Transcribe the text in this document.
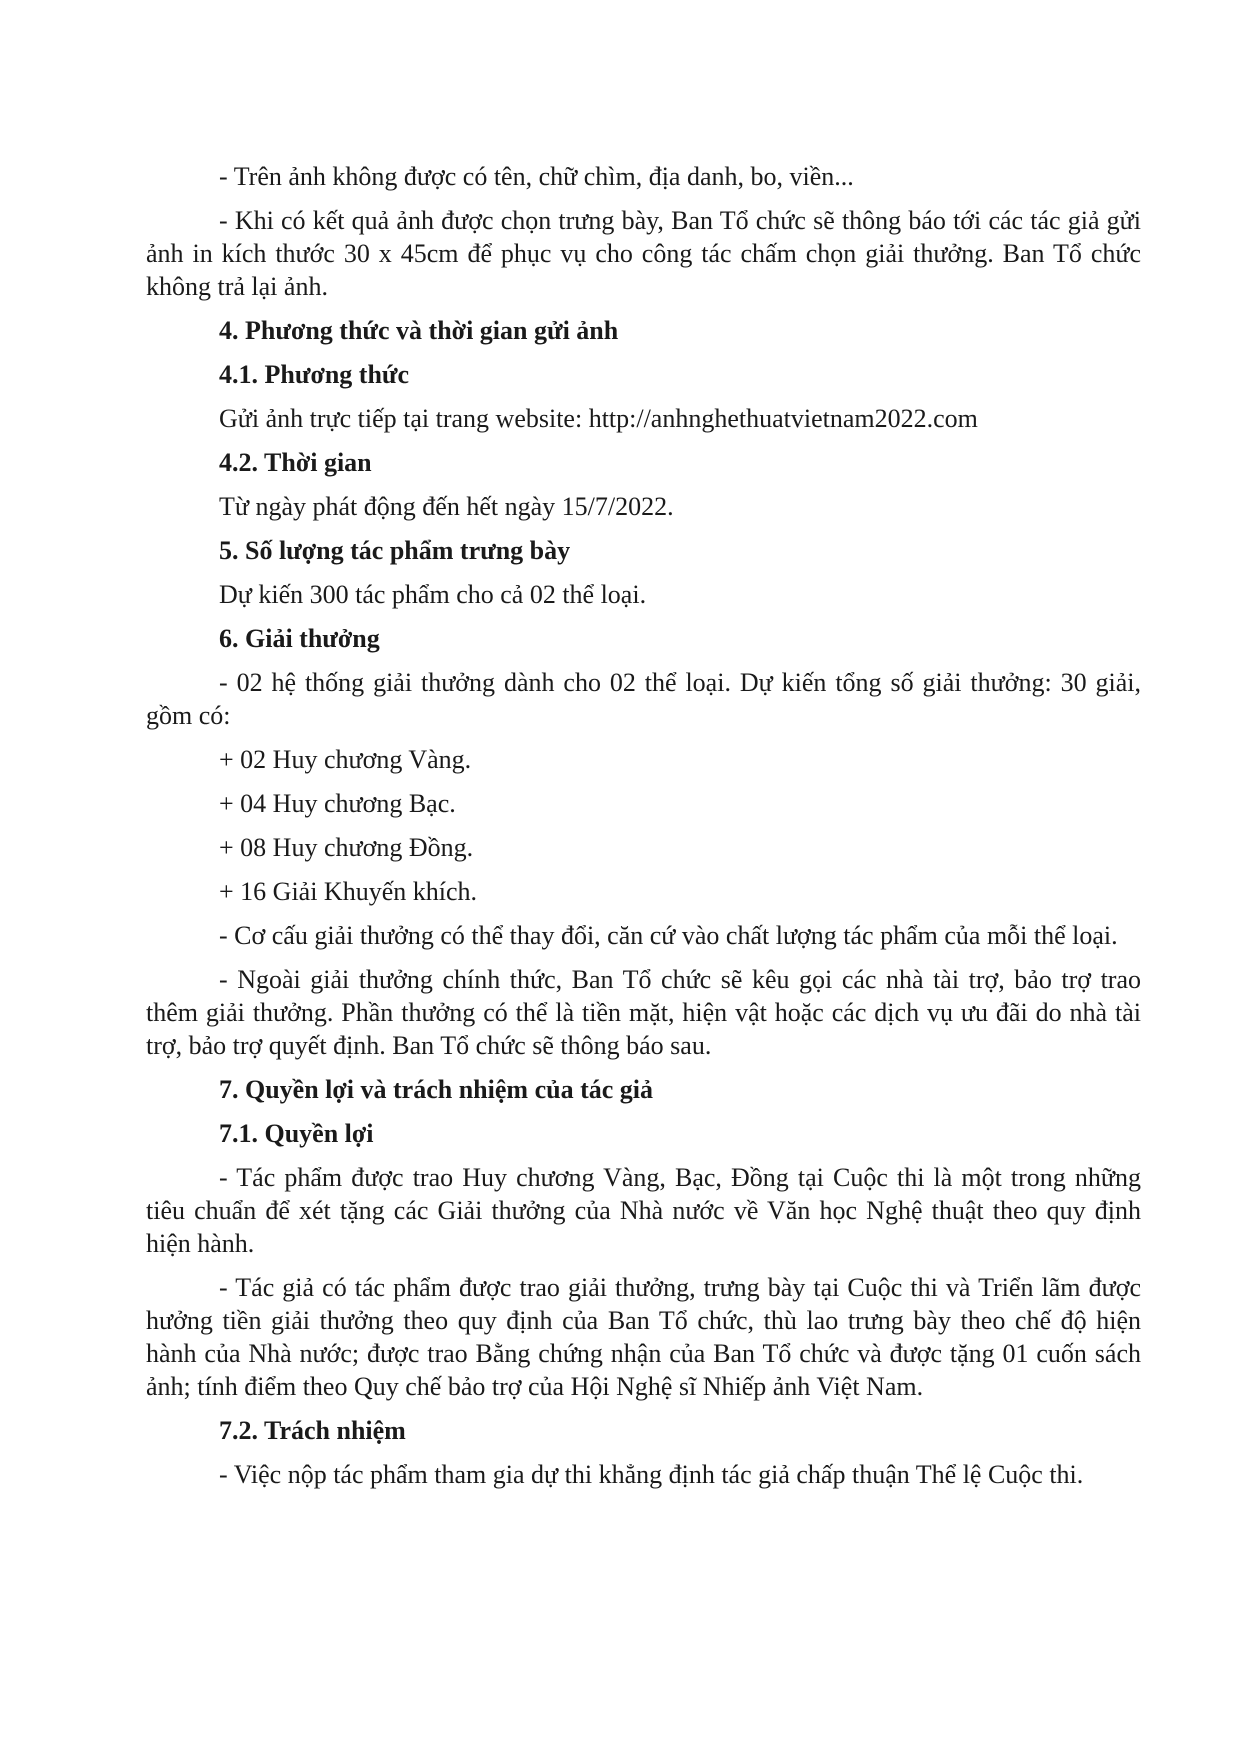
- Trên ảnh không được có tên, chữ chìm, địa danh, bo, viền...

- Khi có kết quả ảnh được chọn trưng bày, Ban Tổ chức sẽ thông báo tới các tác giả gửi ảnh in kích thước 30 x 45cm để phục vụ cho công tác chấm chọn giải thưởng. Ban Tổ chức không trả lại ảnh.

4. Phương thức và thời gian gửi ảnh
4.1. Phương thức

Gửi ảnh trực tiếp tại trang website: http://anhnghethuatvietnam2022.com

4.2. Thời gian

Từ ngày phát động đến hết ngày 15/7/2022.

5. Số lượng tác phẩm trưng bày

Dự kiến 300 tác phẩm cho cả 02 thể loại.

6. Giải thưởng

- 02 hệ thống giải thưởng dành cho 02 thể loại. Dự kiến tổng số giải thưởng: 30 giải, gồm có:

+ 02 Huy chương Vàng.

+ 04 Huy chương Bạc.

+ 08 Huy chương Đồng.

+ 16 Giải Khuyến khích.

- Cơ cấu giải thưởng có thể thay đổi, căn cứ vào chất lượng tác phẩm của mỗi thể loại.

- Ngoài giải thưởng chính thức, Ban Tổ chức sẽ kêu gọi các nhà tài trợ, bảo trợ trao thêm giải thưởng. Phần thưởng có thể là tiền mặt, hiện vật hoặc các dịch vụ ưu đãi do nhà tài trợ, bảo trợ quyết định. Ban Tổ chức sẽ thông báo sau.

7. Quyền lợi và trách nhiệm của tác giả
7.1. Quyền lợi

- Tác phẩm được trao Huy chương Vàng, Bạc, Đồng tại Cuộc thi là một trong những tiêu chuẩn để xét tặng các Giải thưởng của Nhà nước về Văn học Nghệ thuật theo quy định hiện hành.

- Tác giả có tác phẩm được trao giải thưởng, trưng bày tại Cuộc thi và Triển lãm được hưởng tiền giải thưởng theo quy định của Ban Tổ chức, thù lao trưng bày theo chế độ hiện hành của Nhà nước; được trao Bằng chứng nhận của Ban Tổ chức và được tặng 01 cuốn sách ảnh; tính điểm theo Quy chế bảo trợ của Hội Nghệ sĩ Nhiếp ảnh Việt Nam.

7.2. Trách nhiệm

- Việc nộp tác phẩm tham gia dự thi khẳng định tác giả chấp thuận Thể lệ Cuộc thi.
